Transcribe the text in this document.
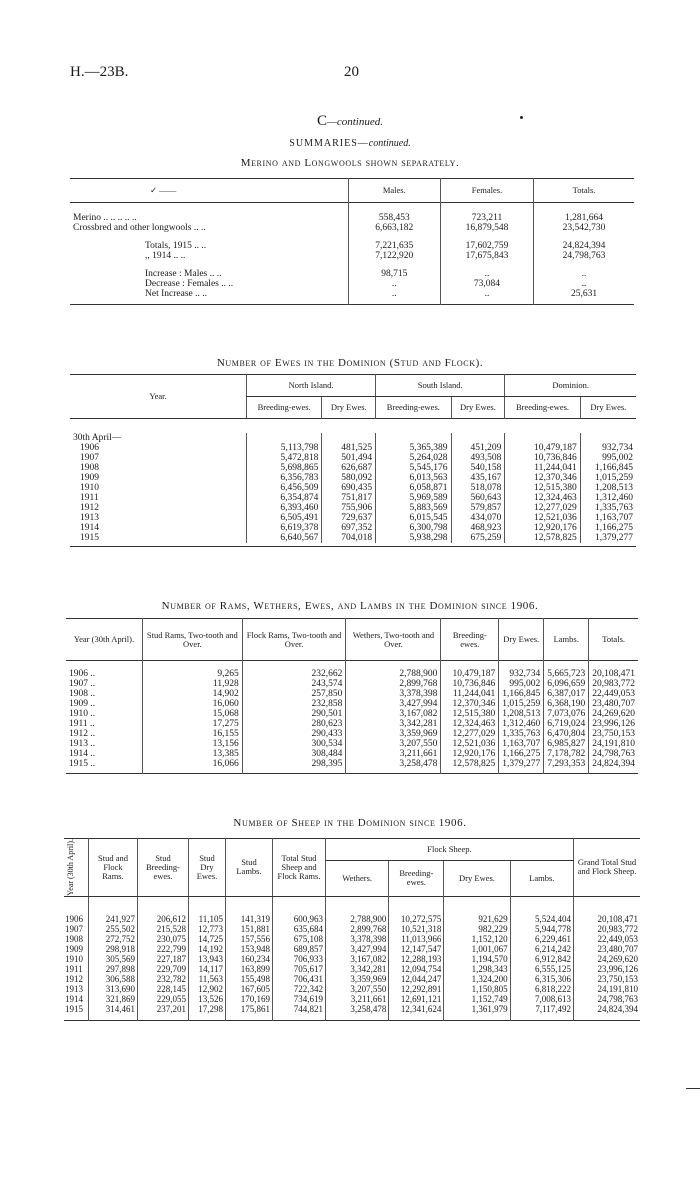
H.—23B.	20
C—continued.
SUMMARIES—continued.
Merino and Longwools shown separately.
✓ ——	Males.	Females.	Totals.

Merino .. .. .. .. ..	558,453	723,211	1,281,664
Crossbred and other longwools .. ..	6,663,182	16,879,548	23,542,730

Totals, 1915 .. ..	7,221,635	17,602,759	24,824,394
,, 1914 .. ..	7,122,920	17,675,843	24,798,763

Increase : Males .. ..	98,715	..	..
Decrease : Females .. ..	..	73,084	..
Net Increase .. ..	..	..	25,631

Number of Ewes in the Dominion (Stud and Flock).
Year.	North Island.		South Island.		Dominion.	
	Breeding-ewes.	Dry Ewes.	Breeding-ewes.	Dry Ewes.	Breeding-ewes.	Dry Ewes.

30th April—						
1906	5,113,798	481,525	5,365,389	451,209	10,479,187	932,734
1907	5,472,818	501,494	5,264,028	493,508	10,736,846	995,002
1908	5,698,865	626,687	5,545,176	540,158	11,244,041	1,166,845
1909	6,356,783	580,092	6,013,563	435,167	12,370,346	1,015,259
1910	6,456,509	690,435	6,058,871	518,078	12,515,380	1,208,513
1911	6,354,874	751,817	5,969,589	560,643	12,324,463	1,312,460
1912	6,393,460	755,906	5,883,569	579,857	12,277,029	1,335,763
1913	6,505,491	729,637	6,015,545	434,070	12,521,036	1,163,707
1914	6,619,378	697,352	6,300,798	468,923	12,920,176	1,166,275
1915	6,640,567	704,018	5,938,298	675,259	12,578,825	1,379,277

Number of Rams, Wethers, Ewes, and Lambs in the Dominion since 1906.
Year (30th April).	Stud Rams, Two-tooth and Over.	Flock Rams, Two-tooth and Over.	Wethers, Two-tooth and Over.	Breeding-ewes.	Dry Ewes.	Lambs.	Totals.

1906 ..	9,265	232,662	2,788,900	10,479,187	932,734	5,665,723	20,108,471
1907 ..	11,928	243,574	2,899,768	10,736,846	995,002	6,096,659	20,983,772
1908 ..	14,902	257,850	3,378,398	11,244,041	1,166,845	6,387,017	22,449,053
1909 ..	16,060	232,858	3,427,994	12,370,346	1,015,259	6,368,190	23,480,707
1910 ..	15,068	290,501	3,167,082	12,515,380	1,208,513	7,073,076	24,269,620
1911 ..	17,275	280,623	3,342,281	12,324,463	1,312,460	6,719,024	23,996,126
1912 ..	16,155	290,433	3,359,969	12,277,029	1,335,763	6,470,804	23,750,153
1913 ..	13,156	300,534	3,207,550	12,521,036	1,163,707	6,985,827	24,191,810
1914 ..	13,385	308,484	3,211,661	12,920,176	1,166,275	7,178,782	24,798,763
1915 ..	16,066	298,395	3,258,478	12,578,825	1,379,277	7,293,353	24,824,394

Number of Sheep in the Dominion since 1906.
Year (30th April).	Stud and Flock Rams.	Stud Breeding-ewes.	Stud Dry Ewes.	Stud Lambs.	Total Stud Sheep and Flock Rams.	Flock Sheep.				Grand Total Stud and Flock Sheep.
						Wethers.	Breeding-ewes.	Dry Ewes.	Lambs.	

1906	241,927	206,612	11,105	141,319	600,963	2,788,900	10,272,575	921,629	5,524,404	20,108,471
1907	255,502	215,528	12,773	151,881	635,684	2,899,768	10,521,318	982,229	5,944,778	20,983,772
1908	272,752	230,075	14,725	157,556	675,108	3,378,398	11,013,966	1,152,120	6,229,461	22,449,053
1909	298,918	222,799	14,192	153,948	689,857	3,427,994	12,147,547	1,001,067	6,214,242	23,480,707
1910	305,569	227,187	13,943	160,234	706,933	3,167,082	12,288,193	1,194,570	6,912,842	24,269,620
1911	297,898	229,709	14,117	163,899	705,617	3,342,281	12,094,754	1,298,343	6,555,125	23,996,126
1912	306,588	232,782	11,563	155,498	706,431	3,359,969	12,044,247	1,324,200	6,315,306	23,750,153
1913	313,690	228,145	12,902	167,605	722,342	3,207,550	12,292,891	1,150,805	6,818,222	24,191,810
1914	321,869	229,055	13,526	170,169	734,619	3,211,661	12,691,121	1,152,749	7,008,613	24,798,763
1915	314,461	237,201	17,298	175,861	744,821	3,258,478	12,341,624	1,361,979	7,117,492	24,824,394
